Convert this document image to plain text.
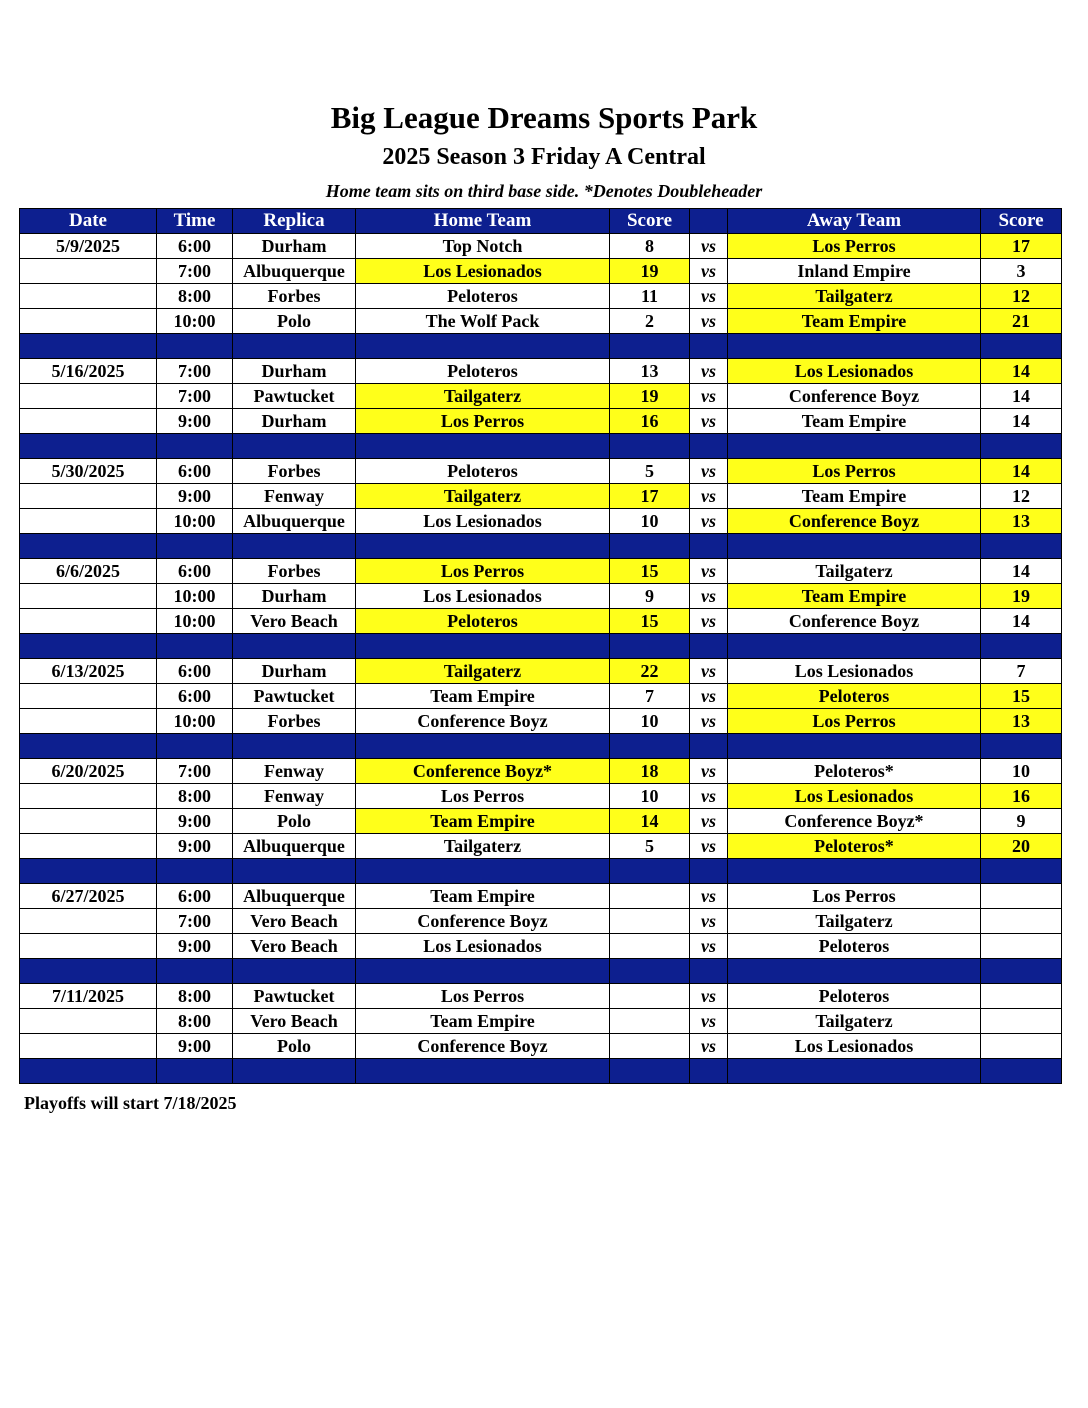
Big League Dreams Sports Park
2025 Season 3 Friday A Central
Home team sits on third base side. *Denotes Doubleheader
Date	Time	Replica	Home Team	Score		Away Team	Score
5/9/2025	6:00	Durham	Top Notch	8	vs	Los Perros	17
	7:00	Albuquerque	Los Lesionados	19	vs	Inland Empire	3
	8:00	Forbes	Peloteros	11	vs	Tailgaterz	12
	10:00	Polo	The Wolf Pack	2	vs	Team Empire	21

5/16/2025	7:00	Durham	Peloteros	13	vs	Los Lesionados	14
	7:00	Pawtucket	Tailgaterz	19	vs	Conference Boyz	14
	9:00	Durham	Los Perros	16	vs	Team Empire	14

5/30/2025	6:00	Forbes	Peloteros	5	vs	Los Perros	14
	9:00	Fenway	Tailgaterz	17	vs	Team Empire	12
	10:00	Albuquerque	Los Lesionados	10	vs	Conference Boyz	13

6/6/2025	6:00	Forbes	Los Perros	15	vs	Tailgaterz	14
	10:00	Durham	Los Lesionados	9	vs	Team Empire	19
	10:00	Vero Beach	Peloteros	15	vs	Conference Boyz	14

6/13/2025	6:00	Durham	Tailgaterz	22	vs	Los Lesionados	7
	6:00	Pawtucket	Team Empire	7	vs	Peloteros	15
	10:00	Forbes	Conference Boyz	10	vs	Los Perros	13

6/20/2025	7:00	Fenway	Conference Boyz*	18	vs	Peloteros*	10
	8:00	Fenway	Los Perros	10	vs	Los Lesionados	16
	9:00	Polo	Team Empire	14	vs	Conference Boyz*	9
	9:00	Albuquerque	Tailgaterz	5	vs	Peloteros*	20

6/27/2025	6:00	Albuquerque	Team Empire		vs	Los Perros	
	7:00	Vero Beach	Conference Boyz		vs	Tailgaterz	
	9:00	Vero Beach	Los Lesionados		vs	Peloteros	

7/11/2025	8:00	Pawtucket	Los Perros		vs	Peloteros	
	8:00	Vero Beach	Team Empire		vs	Tailgaterz	
	9:00	Polo	Conference Boyz		vs	Los Lesionados	

Playoffs will start 7/18/2025
